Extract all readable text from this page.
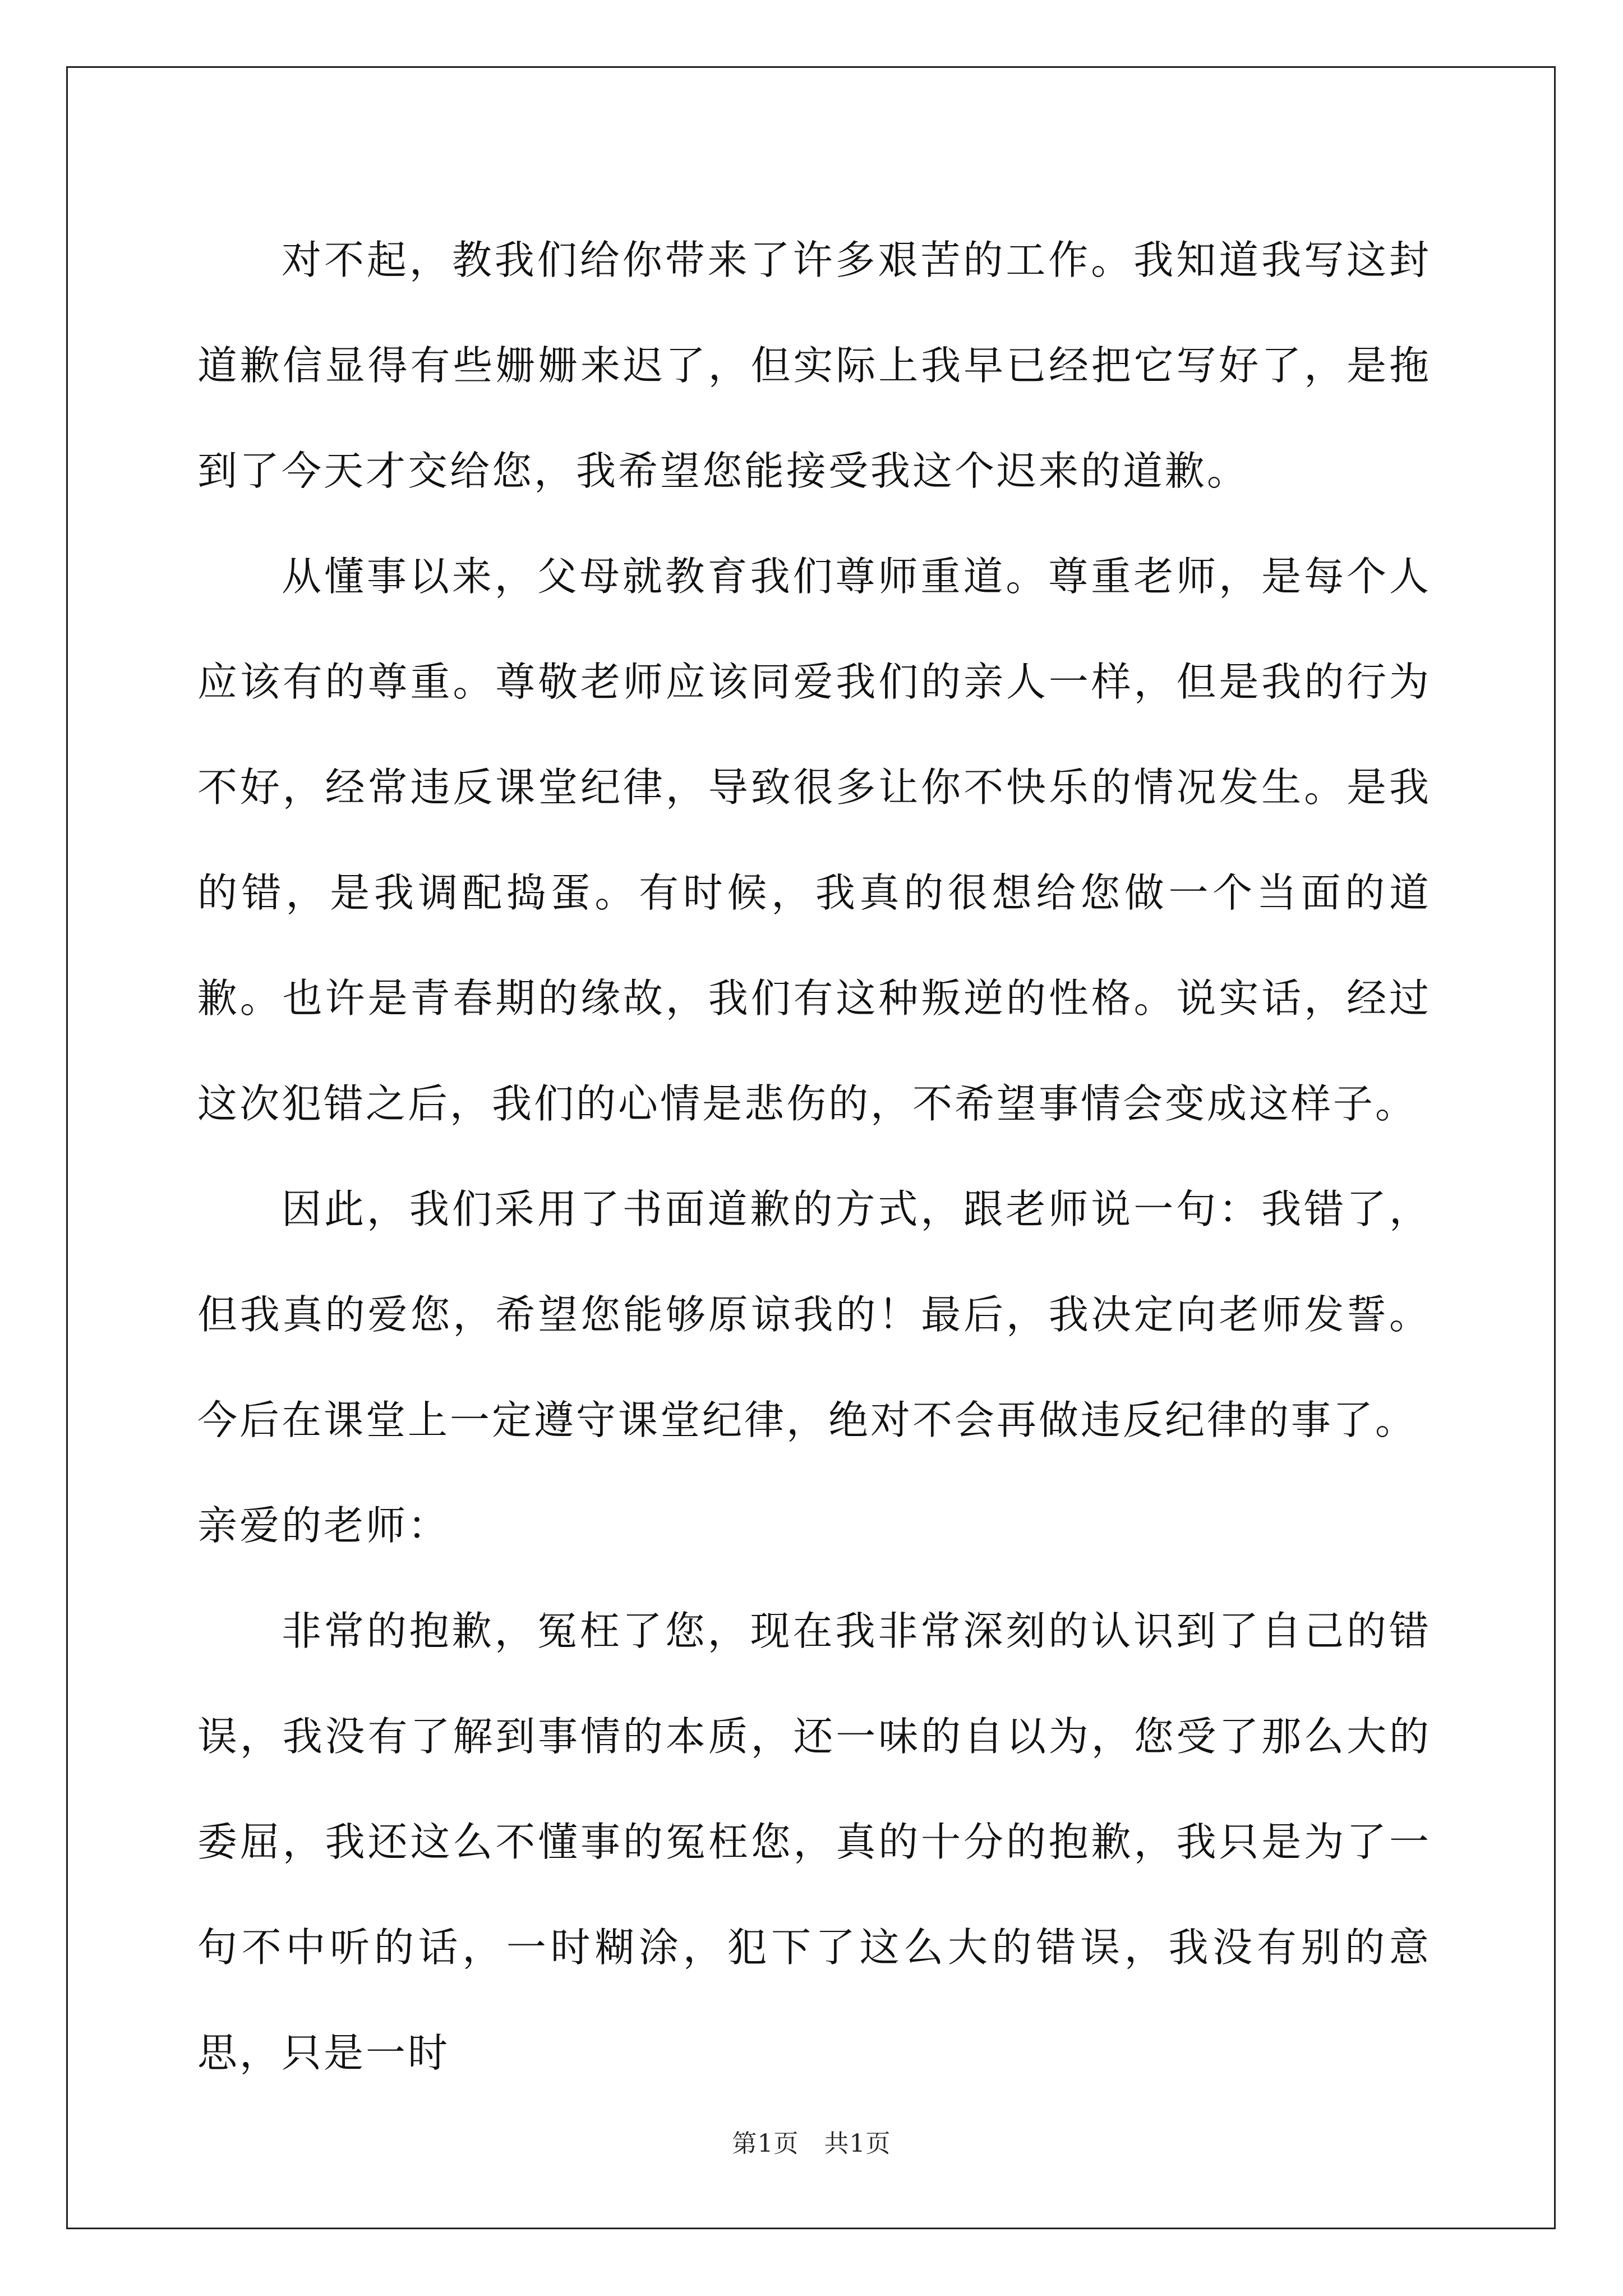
对不起，教我们给你带来了许多艰苦的工作。我知道我写这封道歉信显得有些姗姗来迟了，但实际上我早已经把它写好了，是拖到了今天才交给您，我希望您能接受我这个迟来的道歉。

从懂事以来，父母就教育我们尊师重道。尊重老师，是每个人应该有的尊重。尊敬老师应该同爱我们的亲人一样，但是我的行为不好，经常违反课堂纪律，导致很多让你不快乐的情况发生。是我的错，是我调配捣蛋。有时候，我真的很想给您做一个当面的道歉。也许是青春期的缘故，我们有这种叛逆的性格。说实话，经过这次犯错之后，我们的心情是悲伤的，不希望事情会变成这样子。

因此，我们采用了书面道歉的方式，跟老师说一句：我错了，但我真的爱您，希望您能够原谅我的！最后，我决定向老师发誓。今后在课堂上一定遵守课堂纪律，绝对不会再做违反纪律的事了。

亲爱的老师：

非常的抱歉，冤枉了您，现在我非常深刻的认识到了自己的错误，我没有了解到事情的本质，还一味的自以为，您受了那么大的委屈，我还这么不懂事的冤枉您，真的十分的抱歉，我只是为了一句不中听的话，一时糊涂，犯下了这么大的错误，我没有别的意思，只是一时

第1页　共1页
